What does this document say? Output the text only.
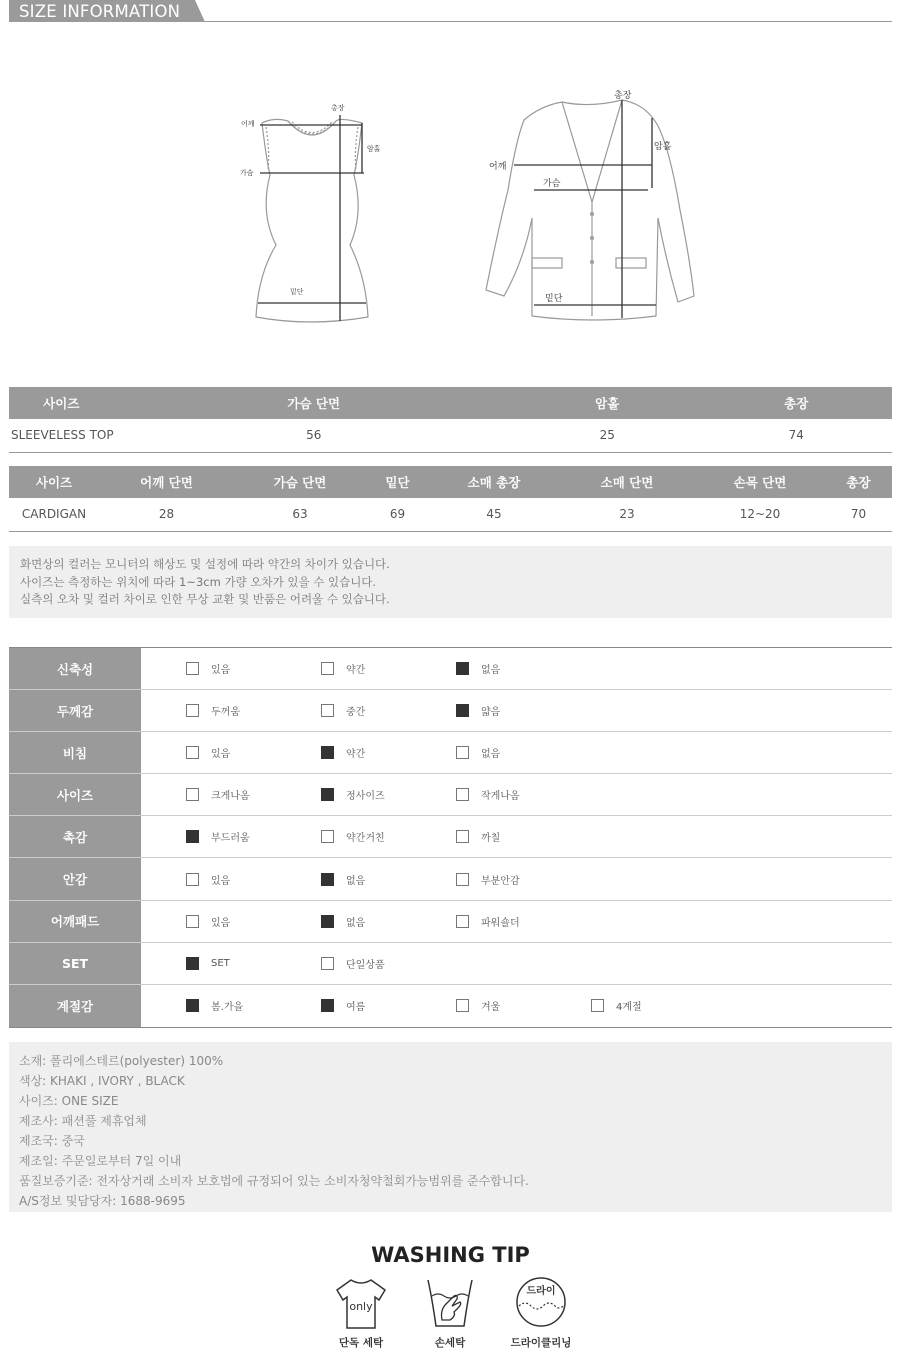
SIZE INFORMATION
총장
어깨
암홀
가슴
밑단
총장
암홀
어깨
가슴
밑단
사이즈	가슴 단면	암홀	총장
SLEEVELESS TOP	56	25	74
사이즈	어깨 단면	가슴 단면	밑단	소매 총장	소매 단면	손목 단면	총장
CARDIGAN	28	63	69	45	23	12~20	70
화면상의 컬러는 모니터의 해상도 및 설정에 따라 약간의 차이가 있습니다.
사이즈는 측정하는 위치에 따라 1~3cm 가량 오차가 있을 수 있습니다.
실측의 오차 및 컬러 차이로 인한 무상 교환 및 반품은 어려울 수 있습니다.
신축성	있음	약간	없음
두께감	두꺼움	중간	얇음
비침	있음	약간	없음
사이즈	크게나옴	정사이즈	작게나옴
촉감	부드러움	약간거친	까칠
안감	있음	없음	부분안감
어깨패드	있음	없음	파워숄더
SET	SET	단일상품
계절감	봄.가을	여름	겨울	4계절
소재: 폴리에스테르(polyester) 100%
색상: KHAKI , IVORY , BLACK
사이즈: ONE SIZE
제조사: 패션풀 제휴업체
제조국: 중국
제조일: 주문일로부터 7일 이내
품질보증기준: 전자상거래 소비자 보호법에 규정되어 있는 소비자청약철회가능범위를 준수합니다.
A/S정보 및담당자: 1688-9695
WASHING TIP
only
드라이
단독 세탁	손세탁	드라이클리닝
